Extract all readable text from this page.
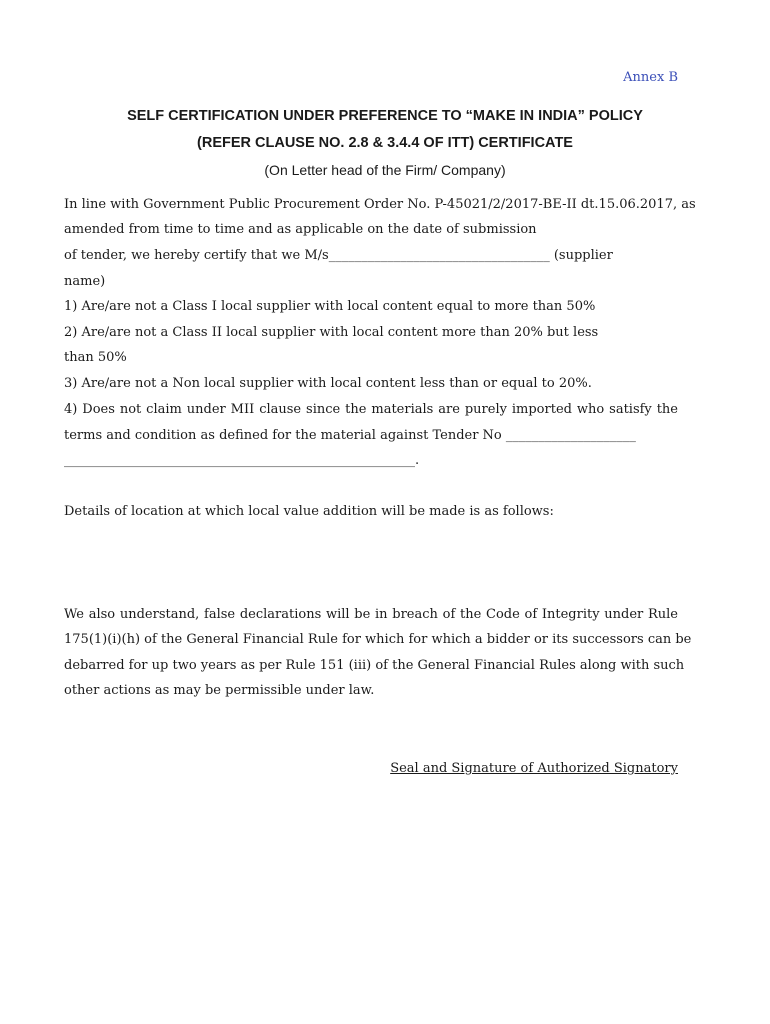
Annex B
SELF CERTIFICATION UNDER PREFERENCE TO “MAKE IN INDIA” POLICY
(REFER CLAUSE NO. 2.8 & 3.4.4 OF ITT) CERTIFICATE
(On Letter head of the Firm/ Company)
In line with Government Public Procurement Order No. P-45021/2/2017-BE-II dt.15.06.2017, as
amended from time to time and as applicable on the date of submission
of tender, we hereby certify that we M/s__________________________________ (supplier
name)
1) Are/are not a Class I local supplier with local content equal to more than 50%
2) Are/are not a Class II local supplier with local content more than 20% but less
than 50%
3) Are/are not a Non local supplier with local content less than or equal to 20%.
4) Does not claim under MII clause since the materials are purely imported who satisfy the
terms and condition as defined for the material against Tender No ____________________
______________________________________________________.
Details of location at which local value addition will be made is as follows:
We also understand, false declarations will be in breach of the Code of Integrity under Rule
175(1)(i)(h) of the General Financial Rule for which for which a bidder or its successors can be
debarred for up two years as per Rule 151 (iii) of the General Financial Rules along with such
other actions as may be permissible under law.
Seal and Signature of Authorized Signatory
